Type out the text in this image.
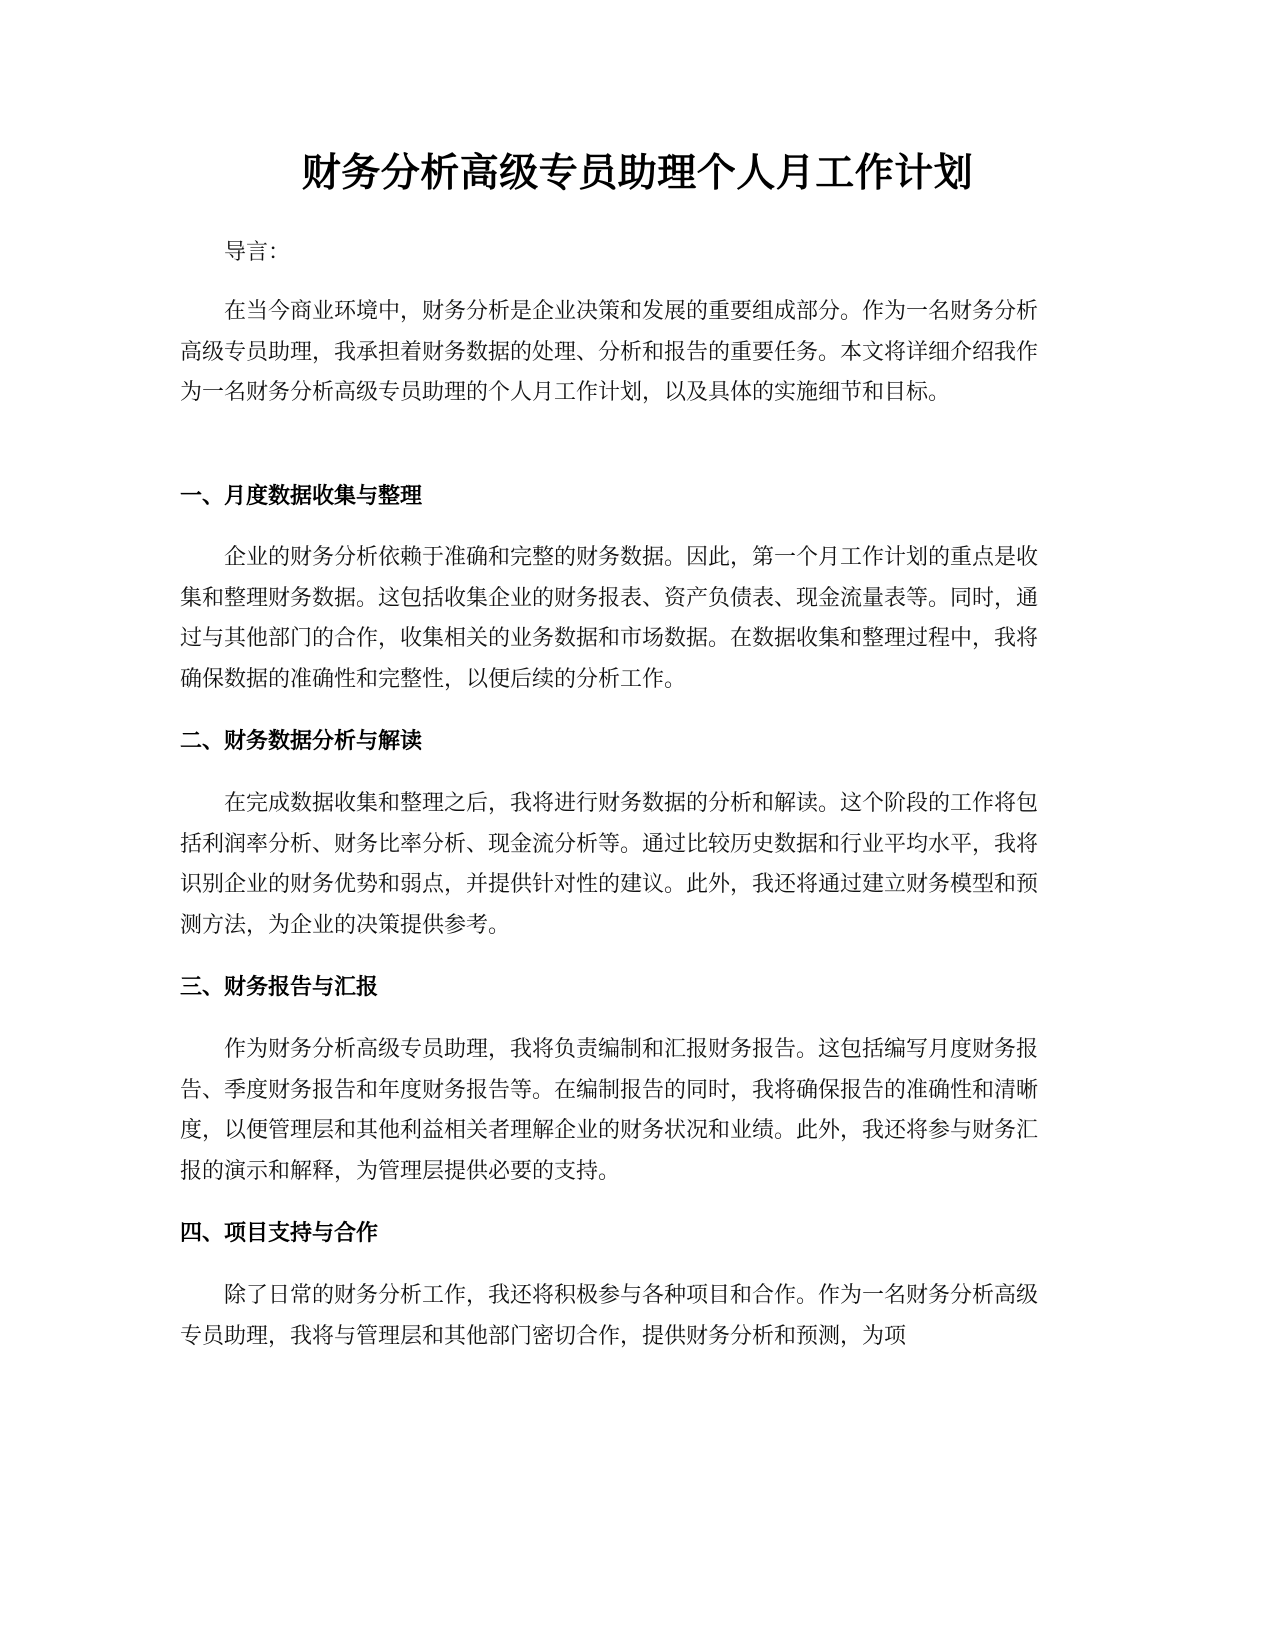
财务分析高级专员助理个人月工作计划

导言：

在当今商业环境中，财务分析是企业决策和发展的重要组成部分。作为一名财务分析高级专员助理，我承担着财务数据的处理、分析和报告的重要任务。本文将详细介绍我作为一名财务分析高级专员助理的个人月工作计划，以及具体的实施细节和目标。

一、月度数据收集与整理

企业的财务分析依赖于准确和完整的财务数据。因此，第一个月工作计划的重点是收集和整理财务数据。这包括收集企业的财务报表、资产负债表、现金流量表等。同时，通过与其他部门的合作，收集相关的业务数据和市场数据。在数据收集和整理过程中，我将确保数据的准确性和完整性，以便后续的分析工作。

二、财务数据分析与解读

在完成数据收集和整理之后，我将进行财务数据的分析和解读。这个阶段的工作将包括利润率分析、财务比率分析、现金流分析等。通过比较历史数据和行业平均水平，我将识别企业的财务优势和弱点，并提供针对性的建议。此外，我还将通过建立财务模型和预测方法，为企业的决策提供参考。

三、财务报告与汇报

作为财务分析高级专员助理，我将负责编制和汇报财务报告。这包括编写月度财务报告、季度财务报告和年度财务报告等。在编制报告的同时，我将确保报告的准确性和清晰度，以便管理层和其他利益相关者理解企业的财务状况和业绩。此外，我还将参与财务汇报的演示和解释，为管理层提供必要的支持。

四、项目支持与合作

除了日常的财务分析工作，我还将积极参与各种项目和合作。作为一名财务分析高级专员助理，我将与管理层和其他部门密切合作，提供财务分析和预测，为项
